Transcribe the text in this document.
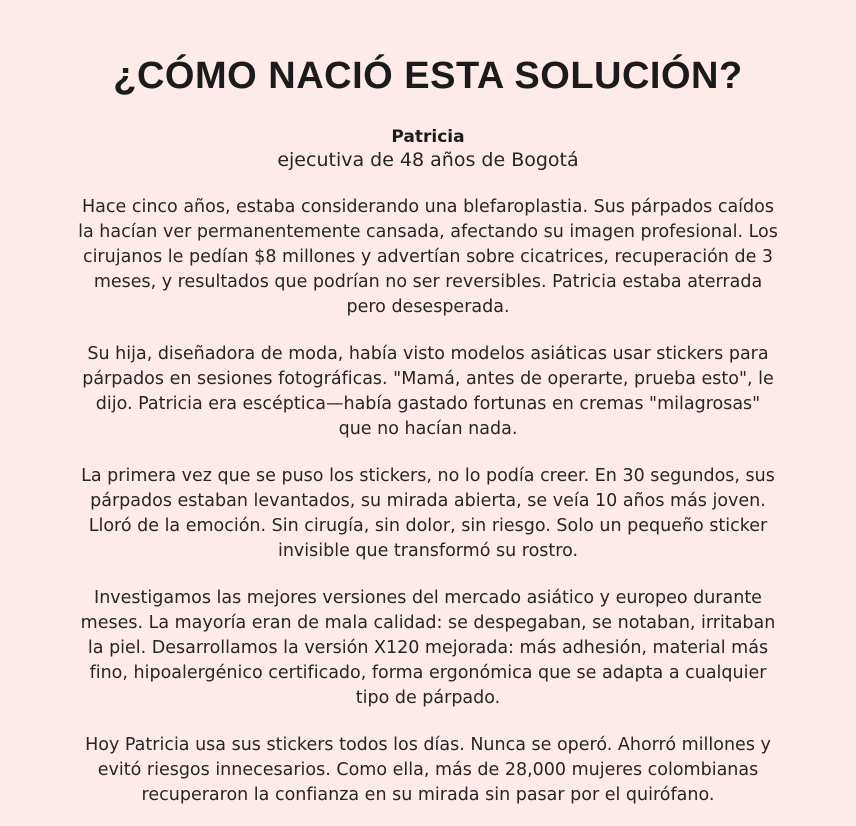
¿CÓMO NACIÓ ESTA SOLUCIÓN?

Patricia

ejecutiva de 48 años de Bogotá

Hace cinco años, estaba considerando una blefaroplastia. Sus párpados caídos la hacían ver permanentemente cansada, afectando su imagen profesional. Los cirujanos le pedían $8 millones y advertían sobre cicatrices, recuperación de 3 meses, y resultados que podrían no ser reversibles. Patricia estaba aterrada pero desesperada.

Su hija, diseñadora de moda, había visto modelos asiáticas usar stickers para párpados en sesiones fotográficas. "Mamá, antes de operarte, prueba esto", le dijo. Patricia era escéptica—había gastado fortunas en cremas "milagrosas" que no hacían nada.

La primera vez que se puso los stickers, no lo podía creer. En 30 segundos, sus párpados estaban levantados, su mirada abierta, se veía 10 años más joven. Lloró de la emoción. Sin cirugía, sin dolor, sin riesgo. Solo un pequeño sticker invisible que transformó su rostro.

Investigamos las mejores versiones del mercado asiático y europeo durante meses. La mayoría eran de mala calidad: se despegaban, se notaban, irritaban la piel. Desarrollamos la versión X120 mejorada: más adhesión, material más fino, hipoalergénico certificado, forma ergonómica que se adapta a cualquier tipo de párpado.

Hoy Patricia usa sus stickers todos los días. Nunca se operó. Ahorró millones y evitó riesgos innecesarios. Como ella, más de 28,000 mujeres colombianas recuperaron la confianza en su mirada sin pasar por el quirófano.
